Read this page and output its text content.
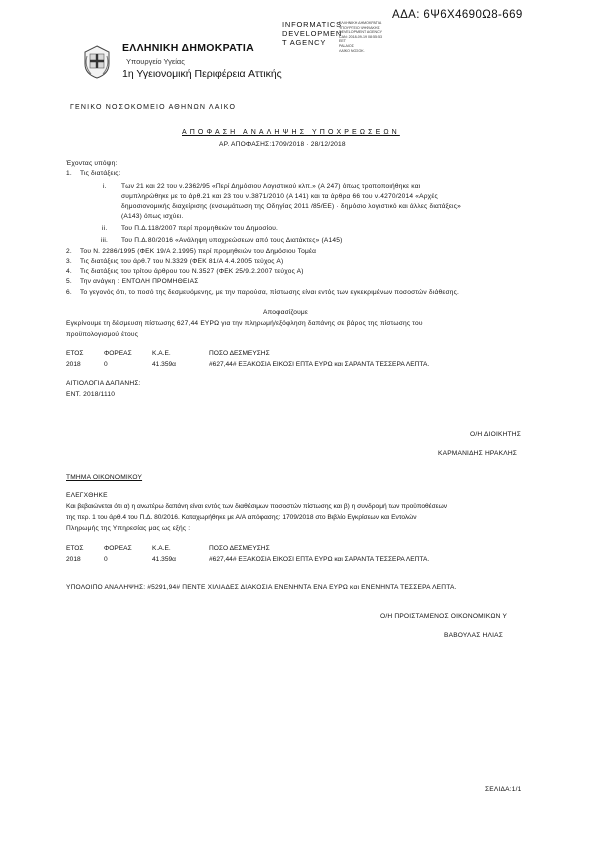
ΑΔΑ: 6Ψ6Χ4690Ω8-669
ΕΛΛΗΝΙΚΗ ΔΗΜΟΚΡΑΤΙΑ
Υπουργείο Υγείας
1η Υγειονομική Περιφέρεια Αττικής
INFORMATICS
DEVELOPMEN
T AGENCY
ΕΛΛΗΝΙΚΗ ΔΗΜΟΚΡΑΤΙΑ
ΥΠΟΥΡΓΕΙΟ ΨΗΦΙΑΚΗΣ
DEVELOPMENT AGENCY
CAN: 2018-09-19 08:55:53
EET
PALAIOΣ
ΛΑΪΚΟ ΝΟΣΟΚ.
ΓΕΝΙΚΟ ΝΟΣΟΚΟΜΕΙΟ ΑΘΗΝΩΝ ΛΑΙΚΟ
ΑΠΟΦΑΣΗ ΑΝΑΛΗΨΗΣ ΥΠΟΧΡΕΩΣΕΩΝ
ΑΡ. ΑΠΟΦΑΣΗΣ:1709/2018 · 28/12/2018
Έχοντας υπόψη:
1. Τις διατάξεις:
i. Των 21 και 22 του ν.2362/95 «Περί Δημόσιου Λογιστικού κλπ.» (Α 247) όπως τροποποιήθηκε και
συμπληρώθηκε με το άρθ.21 και 23 του ν.3871/2010 (Α 141) και τα άρθρα 66 του ν.4270/2014 «Αρχές
δημοσιονομικής διαχείρισης (ενσωμάτωση της Οδηγίας 2011 /85/ΕΕ) · δημόσιο λογιστικό και άλλες διατάξεις»
(Α143) όπως ισχύει.
ii. Του Π.Δ.118/2007 περί προμηθειών του Δημοσίου.
iii. Του Π.Δ.80/2016 «Ανάληψη υποχρεώσεων από τους Διατάκτες» (Α145)
2. Του Ν. 2286/1995 (ΦΕΚ 19/Α 2.1995) περί προμηθειών του Δημόσιου Τομέα
3. Τις διατάξεις του άρθ.7 του Ν.3329 (ΦΕΚ 81/Α 4.4.2005 τεύχος Α)
4. Τις διατάξεις του τρίτου άρθρου του Ν.3527 (ΦΕΚ 25/9.2.2007 τεύχος Α)
5. Την ανάγκη : ΕΝΤΟΛΗ ΠΡΟΜΗΘΕΙΑΣ
6. Το γεγονός ότι, το ποσό της δεσμευόμενης, με την παρούσα, πίστωσης είναι εντός των εγκεκριμένων ποσοστών διάθεσης.
Αποφασίζουμε
Εγκρίνουμε τη δέσμευση πίστωσης 627,44 ΕΥΡΩ για την πληρωμή/εξόφληση δαπάνης σε βάρος της πίστωσης του
προϋπολογισμού έτους
ΕΤΟΣ	ΦΟΡΕΑΣ	Κ.Α.Ε.	ΠΟΣΟ ΔΕΣΜΕΥΣΗΣ
2018	0	41.359α	#627,44# ΕΞΑΚΟΣΙΑ ΕΙΚΟΣΙ ΕΠΤΑ ΕΥΡΩ και ΣΑΡΑΝΤΑ ΤΕΣΣΕΡΑ ΛΕΠΤΑ.
ΑΙΤΙΟΛΟΓΙΑ ΔΑΠΑΝΗΣ:
ΕΝΤ. 2018/1110
Ο/Η ΔΙΟΙΚΗΤΗΣ
ΚΑΡΜΑΝΙΔΗΣ ΗΡΑΚΛΗΣ
ΤΜΗΜΑ ΟΙΚΟΝΟΜΙΚΟΥ
ΕΛΕΓΧΘΗΚΕ
Και βεβαιώνεται ότι α) η ανωτέρω δαπάνη είναι εντός των διαθέσιμων ποσοστών πίστωσης και β) η συνδρομή των προϋποθέσεων
της περ. 1 του άρθ.4 του Π.Δ. 80/2016. Καταχωρήθηκε με Α/Α απόφασης: 1709/2018 στο Βιβλίο Εγκρίσεων και Εντολών
Πληρωμής της Υπηρεσίας μας ως εξής :
ΕΤΟΣ	ΦΟΡΕΑΣ	Κ.Α.Ε.	ΠΟΣΟ ΔΕΣΜΕΥΣΗΣ
2018	0	41.359α	#627,44# ΕΞΑΚΟΣΙΑ ΕΙΚΟΣΙ ΕΠΤΑ ΕΥΡΩ και ΣΑΡΑΝΤΑ ΤΕΣΣΕΡΑ ΛΕΠΤΑ.
ΥΠΟΛΟΙΠΟ ΑΝΑΛΗΨΗΣ: #5291,94# ΠΕΝΤΕ ΧΙΛΙΑΔΕΣ ΔΙΑΚΟΣΙΑ ΕΝΕΝΗΝΤΑ ΕΝΑ ΕΥΡΩ και ΕΝΕΝΗΝΤΑ ΤΕΣΣΕΡΑ ΛΕΠΤΑ.
Ο/Η ΠΡΟΙΣΤΑΜΕΝΟΣ ΟΙΚΟΝΟΜΙΚΩΝ Υ
ΒΑΒΟΥΛΑΣ ΗΛΙΑΣ
ΣΕΛΙΔΑ:1/1
